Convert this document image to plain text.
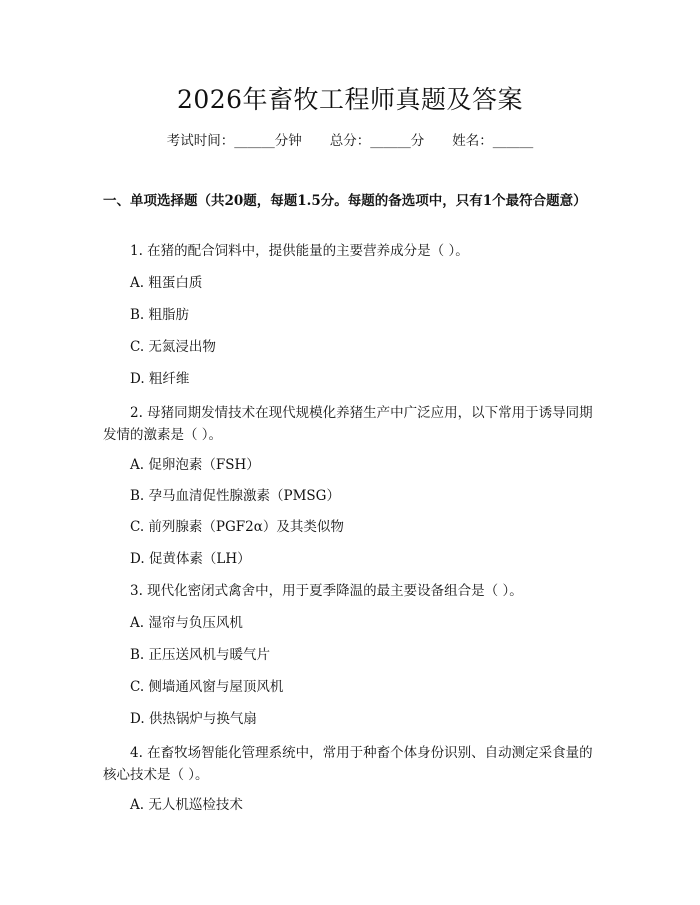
2026年畜牧工程师真题及答案
考试时间：______分钟 总分：______分 姓名：______
一、单项选择题（共20题，每题1.5分。每题的备选项中，只有1个最符合题意）
1. 在猪的配合饲料中，提供能量的主要营养成分是（ ）。
A. 粗蛋白质
B. 粗脂肪
C. 无氮浸出物
D. 粗纤维
2. 母猪同期发情技术在现代规模化养猪生产中广泛应用，以下常用于诱导同期发情的激素是（ ）。
A. 促卵泡素（FSH）
B. 孕马血清促性腺激素（PMSG）
C. 前列腺素（PGF2α）及其类似物
D. 促黄体素（LH）
3. 现代化密闭式禽舍中，用于夏季降温的最主要设备组合是（ ）。
A. 湿帘与负压风机
B. 正压送风机与暖气片
C. 侧墙通风窗与屋顶风机
D. 供热锅炉与换气扇
4. 在畜牧场智能化管理系统中，常用于种畜个体身份识别、自动测定采食量的核心技术是（ ）。
A. 无人机巡检技术
